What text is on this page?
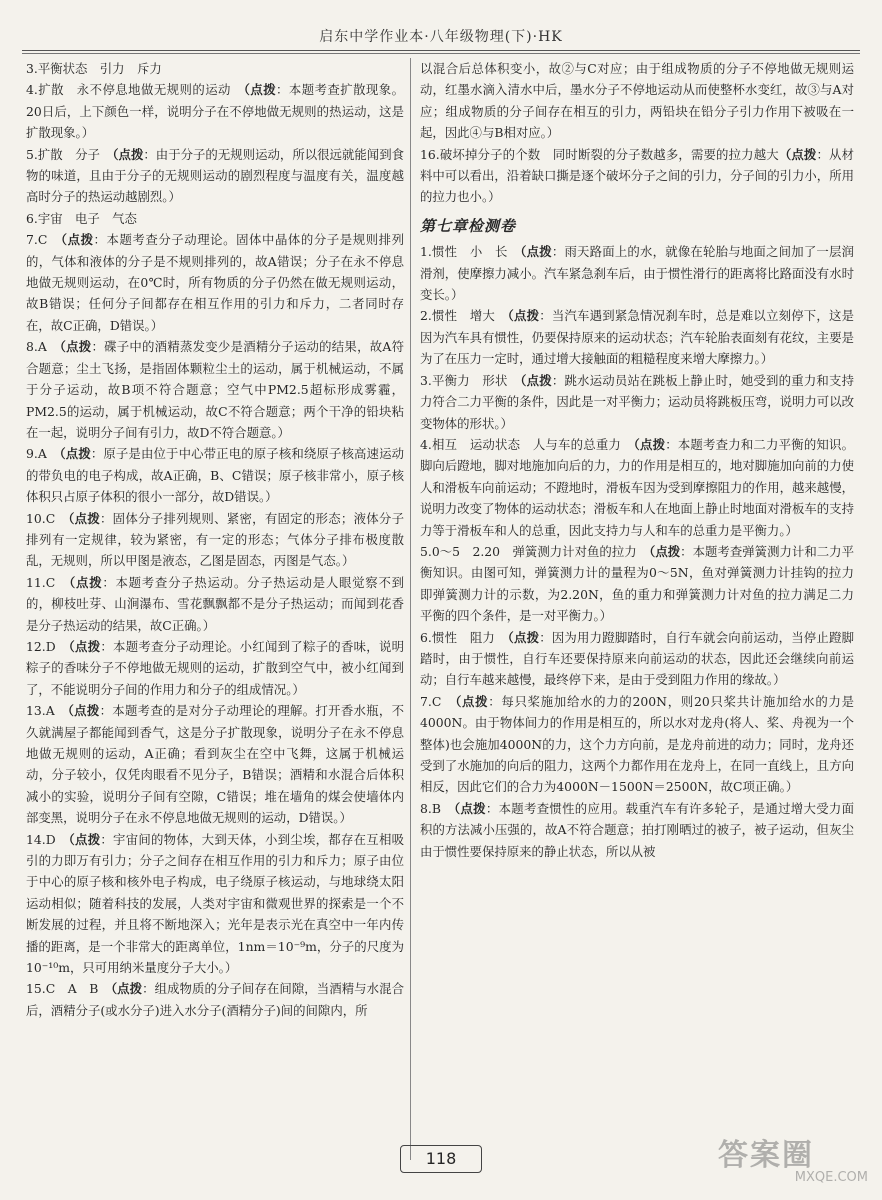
启东中学作业本·八年级物理(下)·HK
3.平衡状态　引力　斥力
4.扩散　永不停息地做无规则的运动　（点拨：本题考查扩散现象。20日后，上下颜色一样，说明分子在不停地做无规则的热运动，这是扩散现象。）
5.扩散　分子　（点拨：由于分子的无规则运动，所以很远就能闻到食物的味道，且由于分子的无规则运动的剧烈程度与温度有关，温度越高时分子的热运动越剧烈。）
6.宇宙　电子　气态
7.C　（点拨：本题考查分子动理论。固体中晶体的分子是规则排列的，气体和液体的分子是不规则排列的，故A错误；分子在永不停息地做无规则运动，在0℃时，所有物质的分子仍然在做无规则运动，故B错误；任何分子间都存在相互作用的引力和斥力，二者同时存在，故C正确，D错误。）
8.A　（点拨：碟子中的酒精蒸发变少是酒精分子运动的结果，故A符合题意；尘土飞扬，是指固体颗粒尘土的运动，属于机械运动，不属于分子运动，故B项不符合题意；空气中PM2.5超标形成雾霾，PM2.5的运动，属于机械运动，故C不符合题意；两个干净的铅块粘在一起，说明分子间有引力，故D不符合题意。）
9.A　（点拨：原子是由位于中心带正电的原子核和绕原子核高速运动的带负电的电子构成，故A正确，B、C错误；原子核非常小，原子核体积只占原子体积的很小一部分，故D错误。）
10.C　（点拨：固体分子排列规则、紧密，有固定的形态；液体分子排列有一定规律，较为紧密，有一定的形态；气体分子排布极度散乱，无规则，所以甲图是液态，乙图是固态，丙图是气态。）
11.C　（点拨：本题考查分子热运动。分子热运动是人眼觉察不到的，柳枝吐芽、山涧瀑布、雪花飘飘都不是分子热运动；而闻到花香是分子热运动的结果，故C正确。）
12.D　（点拨：本题考查分子动理论。小红闻到了粽子的香味，说明粽子的香味分子不停地做无规则的运动，扩散到空气中，被小红闻到了，不能说明分子间的作用力和分子的组成情况。）
13.A　（点拨：本题考查的是对分子动理论的理解。打开香水瓶，不久就满屋子都能闻到香气，这是分子扩散现象，说明分子在永不停息地做无规则的运动，A正确；看到灰尘在空中飞舞，这属于机械运动，分子较小，仅凭肉眼看不见分子，B错误；酒精和水混合后体积减小的实验，说明分子间有空隙，C错误；堆在墙角的煤会使墙体内部变黑，说明分子在永不停息地做无规则的运动，D错误。）
14.D　（点拨：宇宙间的物体，大到天体，小到尘埃，都存在互相吸引的力即万有引力；分子之间存在相互作用的引力和斥力；原子由位于中心的原子核和核外电子构成，电子绕原子核运动，与地球绕太阳运动相似；随着科技的发展，人类对宇宙和微观世界的探索是一个不断发展的过程，并且将不断地深入；光年是表示光在真空中一年内传播的距离，是一个非常大的距离单位，1nm＝10⁻⁹m，分子的尺度为10⁻¹⁰m，只可用纳米量度分子大小。）
15.C　A　B　（点拨：组成物质的分子间存在间隙，当酒精与水混合后，酒精分子(或水分子)进入水分子(酒精分子)间的间隙内，所
以混合后总体积变小，故②与C对应；由于组成物质的分子不停地做无规则运动，红墨水滴入清水中后，墨水分子不停地运动从而使整杯水变红，故③与A对应；组成物质的分子间存在相互的引力，两铅块在铅分子引力作用下被吸在一起，因此④与B相对应。）
16.破坏掉分子的个数　同时断裂的分子数越多，需要的拉力越大（点拨：从材料中可以看出，沿着缺口撕是逐个破坏分子之间的引力，分子间的引力小，所用的拉力也小。）
第七章检测卷
1.惯性　小　长　（点拨：雨天路面上的水，就像在轮胎与地面之间加了一层润滑剂，使摩擦力减小。汽车紧急刹车后，由于惯性滑行的距离将比路面没有水时变长。）
2.惯性　增大　（点拨：当汽车遇到紧急情况刹车时，总是难以立刻停下，这是因为汽车具有惯性，仍要保持原来的运动状态；汽车轮胎表面刻有花纹，主要是为了在压力一定时，通过增大接触面的粗糙程度来增大摩擦力。）
3.平衡力　形状　（点拨：跳水运动员站在跳板上静止时，她受到的重力和支持力符合二力平衡的条件，因此是一对平衡力；运动员将跳板压弯，说明力可以改变物体的形状。）
4.相互　运动状态　人与车的总重力　（点拨：本题考查力和二力平衡的知识。脚向后蹬地，脚对地施加向后的力，力的作用是相互的，地对脚施加向前的力使人和滑板车向前运动；不蹬地时，滑板车因为受到摩擦阻力的作用，越来越慢，说明力改变了物体的运动状态；滑板车和人在地面上静止时地面对滑板车的支持力等于滑板车和人的总重，因此支持力与人和车的总重力是平衡力。）
5.0～5　2.20　弹簧测力计对鱼的拉力　（点拨：本题考查弹簧测力计和二力平衡知识。由图可知，弹簧测力计的量程为0～5N，鱼对弹簧测力计挂钩的拉力即弹簧测力计的示数，为2.20N，鱼的重力和弹簧测力计对鱼的拉力满足二力平衡的四个条件，是一对平衡力。）
6.惯性　阻力　（点拨：因为用力蹬脚踏时，自行车就会向前运动，当停止蹬脚踏时，由于惯性，自行车还要保持原来向前运动的状态，因此还会继续向前运动；自行车越来越慢，最终停下来，是由于受到阻力作用的缘故。）
7.C　（点拨：每只桨施加给水的力的200N，则20只桨共计施加给水的力是4000N。由于物体间力的作用是相互的，所以水对龙舟(将人、桨、舟视为一个整体)也会施加4000N的力，这个力方向前，是龙舟前进的动力；同时，龙舟还受到了水施加的向后的阻力，这两个力都作用在龙舟上，在同一直线上，且方向相反，因此它们的合力为4000N－1500N＝2500N，故C项正确。）
8.B　（点拨：本题考查惯性的应用。载重汽车有许多轮子，是通过增大受力面积的方法减小压强的，故A不符合题意；拍打刚晒过的被子，被子运动，但灰尘由于惯性要保持原来的静止状态，所以从被
118	答案圈
MXQE.COM
